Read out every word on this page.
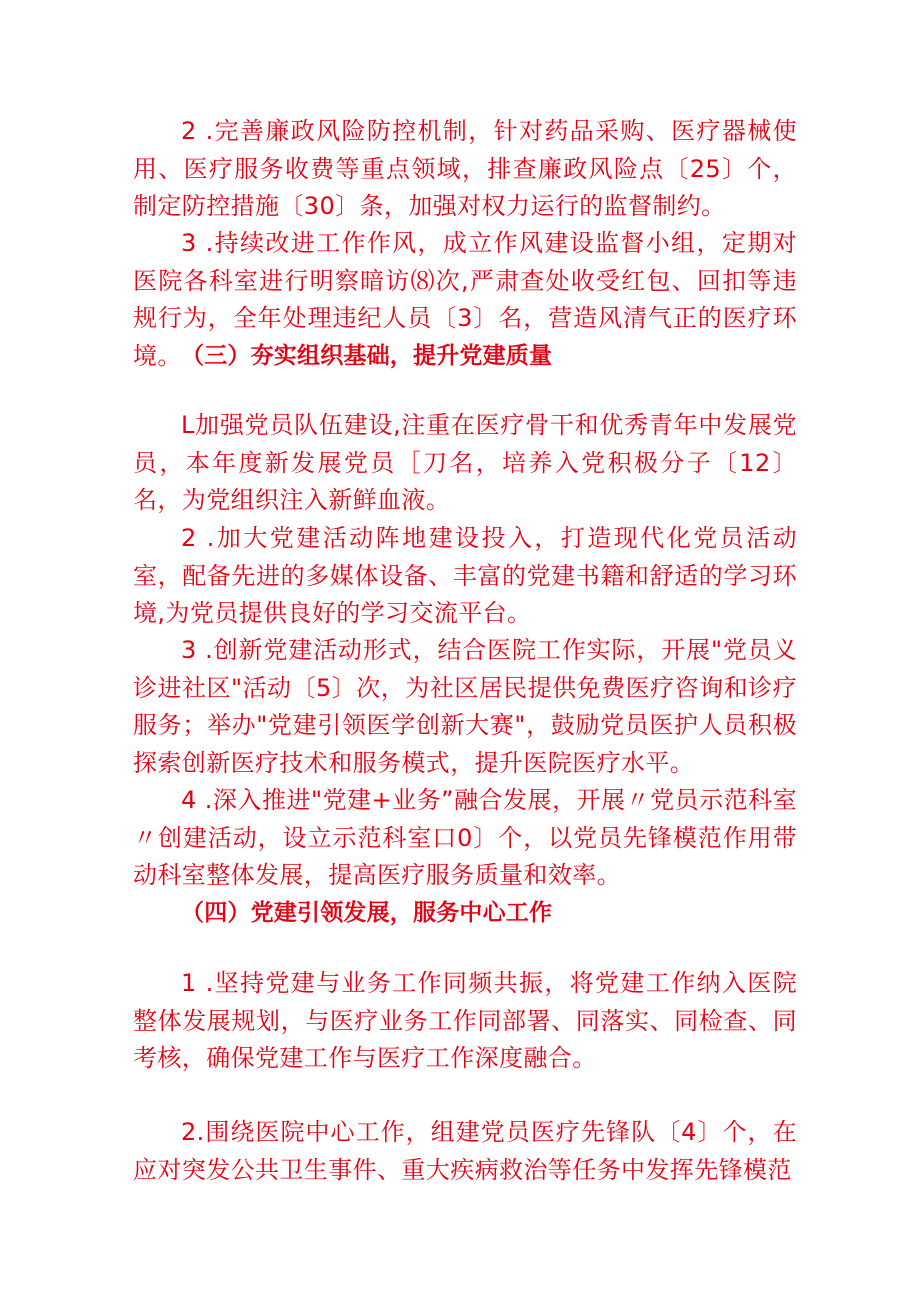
2 .完善廉政风险防控机制，针对药品采购、医疗器械使用、医疗服务收费等重点领域，排查廉政风险点〔25〕个，制定防控措施〔30〕条，加强对权力运行的监督制约。

3 .持续改进工作作风，成立作风建设监督小组，定期对医院各科室进行明察暗访⑻次,严肃查处收受红包、回扣等违规行为，全年处理违纪人员〔3〕名，营造风清气正的医疗环境。 （三）夯实组织基础，提升党建质量

L加强党员队伍建设,注重在医疗骨干和优秀青年中发展党员，本年度新发展党员［刀名，培养入党积极分子〔12〕名，为党组织注入新鲜血液。

2 .加大党建活动阵地建设投入，打造现代化党员活动室，配备先进的多媒体设备、丰富的党建书籍和舒适的学习环境,为党员提供良好的学习交流平台。

3 .创新党建活动形式，结合医院工作实际，开展"党员义诊进社区"活动〔5〕次，为社区居民提供免费医疗咨询和诊疗服务；举办"党建引领医学创新大赛"，鼓励党员医护人员积极探索创新医疗技术和服务模式，提升医院医疗水平。

4 .深入推进"党建+业务”融合发展，开展〃党员示范科室〃创建活动，设立示范科室口0〕个，以党员先锋模范作用带动科室整体发展，提高医疗服务质量和效率。

（四）党建引领发展，服务中心工作

1 .坚持党建与业务工作同频共振，将党建工作纳入医院整体发展规划，与医疗业务工作同部署、同落实、同检查、同考核，确保党建工作与医疗工作深度融合。

2.围绕医院中心工作，组建党员医疗先锋队〔4〕个，在应对突发公共卫生事件、重大疾病救治等任务中发挥先锋模范
